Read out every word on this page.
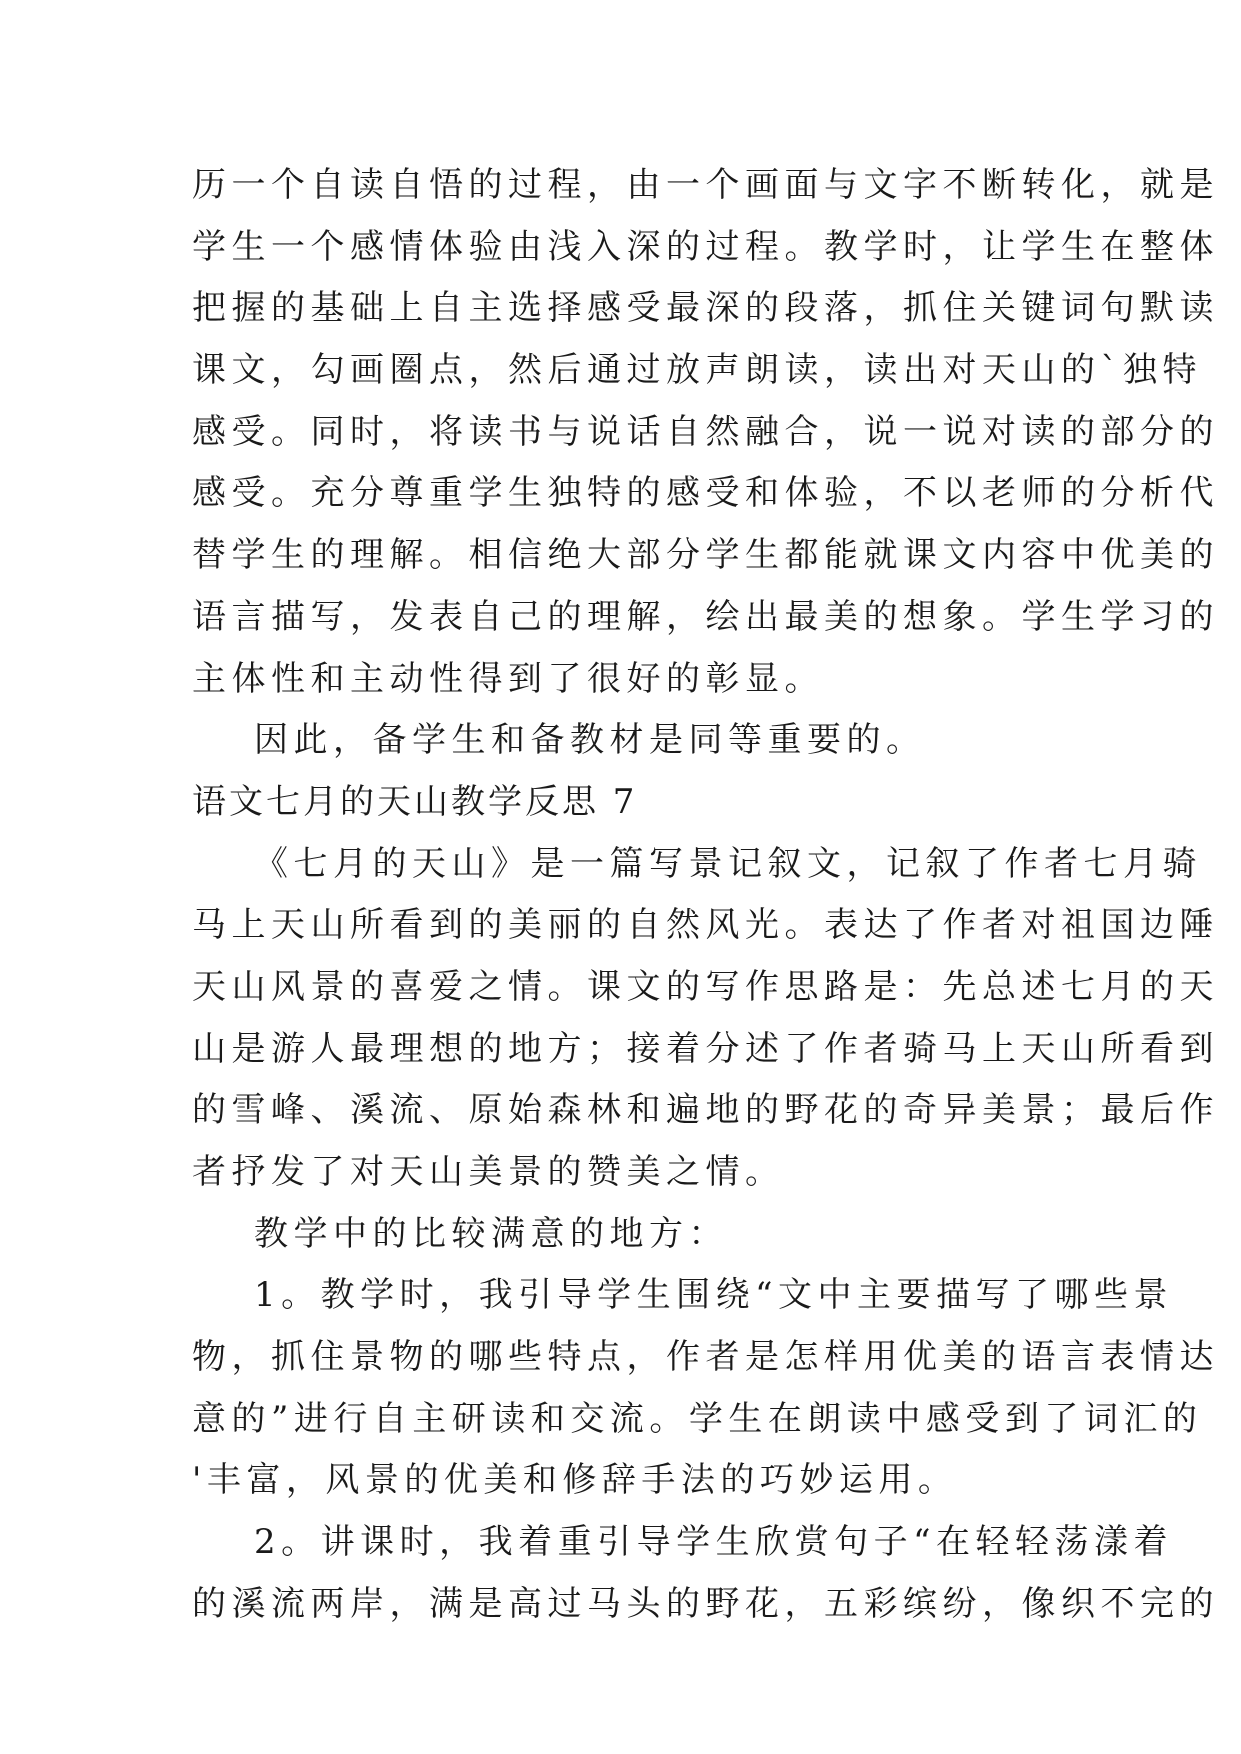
历一个自读自悟的过程，由一个画面与文字不断转化，就是
学生一个感情体验由浅入深的过程。教学时，让学生在整体
把握的基础上自主选择感受最深的段落，抓住关键词句默读
课文，勾画圈点，然后通过放声朗读，读出对天山的`独特
感受。同时，将读书与说话自然融合，说一说对读的部分的
感受。充分尊重学生独特的感受和体验，不以老师的分析代
替学生的理解。相信绝大部分学生都能就课文内容中优美的
语言描写，发表自己的理解，绘出最美的想象。学生学习的
主体性和主动性得到了很好的彰显。
因此，备学生和备教材是同等重要的。
语文七月的天山教学反思 7
《七月的天山》是一篇写景记叙文，记叙了作者七月骑
马上天山所看到的美丽的自然风光。表达了作者对祖国边陲
天山风景的喜爱之情。课文的写作思路是：先总述七月的天
山是游人最理想的地方；接着分述了作者骑马上天山所看到
的雪峰、溪流、原始森林和遍地的野花的奇异美景；最后作
者抒发了对天山美景的赞美之情。
教学中的比较满意的地方：
1。教学时，我引导学生围绕“文中主要描写了哪些景
物，抓住景物的哪些特点，作者是怎样用优美的语言表情达
意的”进行自主研读和交流。学生在朗读中感受到了词汇的
'丰富，风景的优美和修辞手法的巧妙运用。
2。讲课时，我着重引导学生欣赏句子“在轻轻荡漾着
的溪流两岸，满是高过马头的野花，五彩缤纷，像织不完的
